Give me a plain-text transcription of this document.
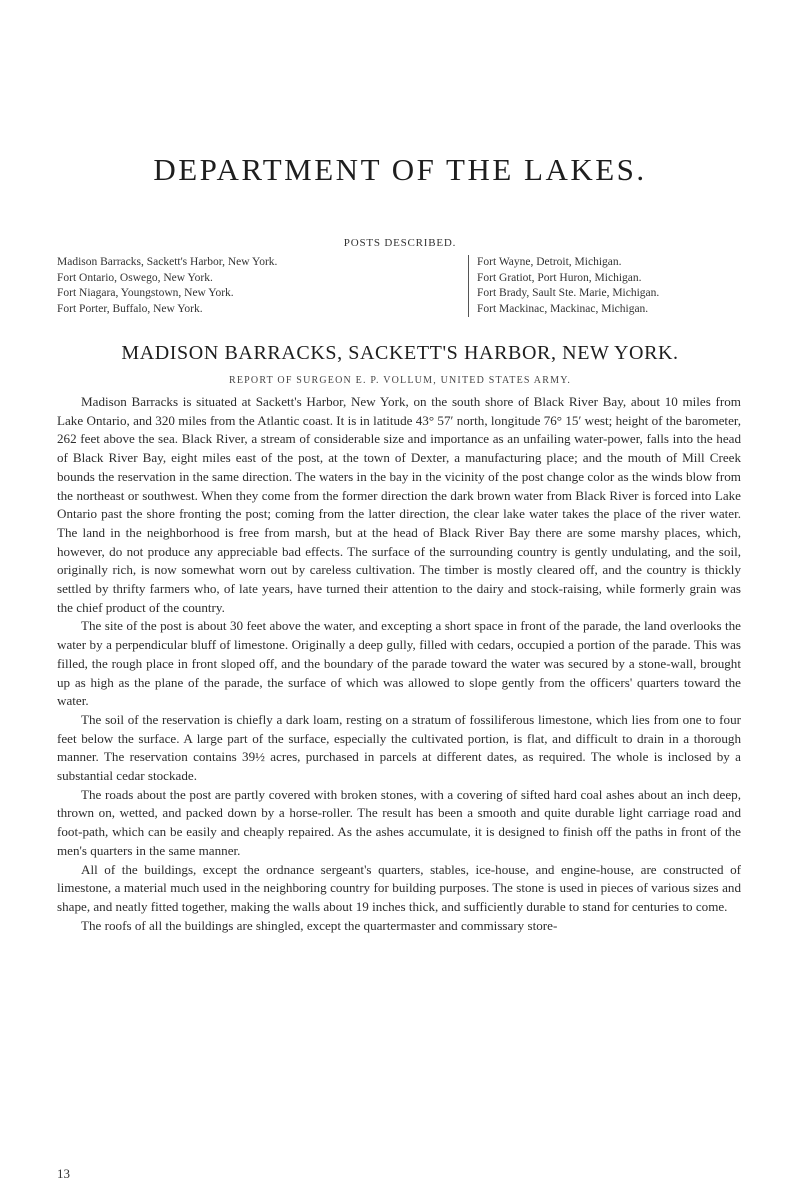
DEPARTMENT OF THE LAKES.
POSTS DESCRIBED.
Madison Barracks, Sackett's Harbor, New York.
Fort Ontario, Oswego, New York.
Fort Niagara, Youngstown, New York.
Fort Porter, Buffalo, New York.
Fort Wayne, Detroit, Michigan.
Fort Gratiot, Port Huron, Michigan.
Fort Brady, Sault Ste. Marie, Michigan.
Fort Mackinac, Mackinac, Michigan.
MADISON BARRACKS, SACKETT'S HARBOR, NEW YORK.
REPORT OF SURGEON E. P. VOLLUM, UNITED STATES ARMY.

Madison Barracks is situated at Sackett's Harbor, New York, on the south shore of Black River Bay, about 10 miles from Lake Ontario, and 320 miles from the Atlantic coast. It is in latitude 43° 57′ north, longitude 76° 15′ west; height of the barometer, 262 feet above the sea. Black River, a stream of considerable size and importance as an unfailing water-power, falls into the head of Black River Bay, eight miles east of the post, at the town of Dexter, a manufacturing place; and the mouth of Mill Creek bounds the reservation in the same direction. The waters in the bay in the vicinity of the post change color as the winds blow from the northeast or southwest. When they come from the former direction the dark brown water from Black River is forced into Lake Ontario past the shore fronting the post; coming from the latter direction, the clear lake water takes the place of the river water. The land in the neighborhood is free from marsh, but at the head of Black River Bay there are some marshy places, which, however, do not produce any appreciable bad effects. The surface of the surrounding country is gently undulating, and the soil, originally rich, is now somewhat worn out by careless cultivation. The timber is mostly cleared off, and the country is thickly settled by thrifty farmers who, of late years, have turned their attention to the dairy and stock-raising, while formerly grain was the chief product of the country.

The site of the post is about 30 feet above the water, and excepting a short space in front of the parade, the land overlooks the water by a perpendicular bluff of limestone. Originally a deep gully, filled with cedars, occupied a portion of the parade. This was filled, the rough place in front sloped off, and the boundary of the parade toward the water was secured by a stone-wall, brought up as high as the plane of the parade, the surface of which was allowed to slope gently from the officers' quarters toward the water.

The soil of the reservation is chiefly a dark loam, resting on a stratum of fossiliferous limestone, which lies from one to four feet below the surface. A large part of the surface, especially the cultivated portion, is flat, and difficult to drain in a thorough manner. The reservation contains 39½ acres, purchased in parcels at different dates, as required. The whole is inclosed by a substantial cedar stockade.

The roads about the post are partly covered with broken stones, with a covering of sifted hard coal ashes about an inch deep, thrown on, wetted, and packed down by a horse-roller. The result has been a smooth and quite durable light carriage road and foot-path, which can be easily and cheaply repaired. As the ashes accumulate, it is designed to finish off the paths in front of the men's quarters in the same manner.

All of the buildings, except the ordnance sergeant's quarters, stables, ice-house, and engine-house, are constructed of limestone, a material much used in the neighboring country for building purposes. The stone is used in pieces of various sizes and shape, and neatly fitted together, making the walls about 19 inches thick, and sufficiently durable to stand for centuries to come.

The roofs of all the buildings are shingled, except the quartermaster and commissary store-

13
